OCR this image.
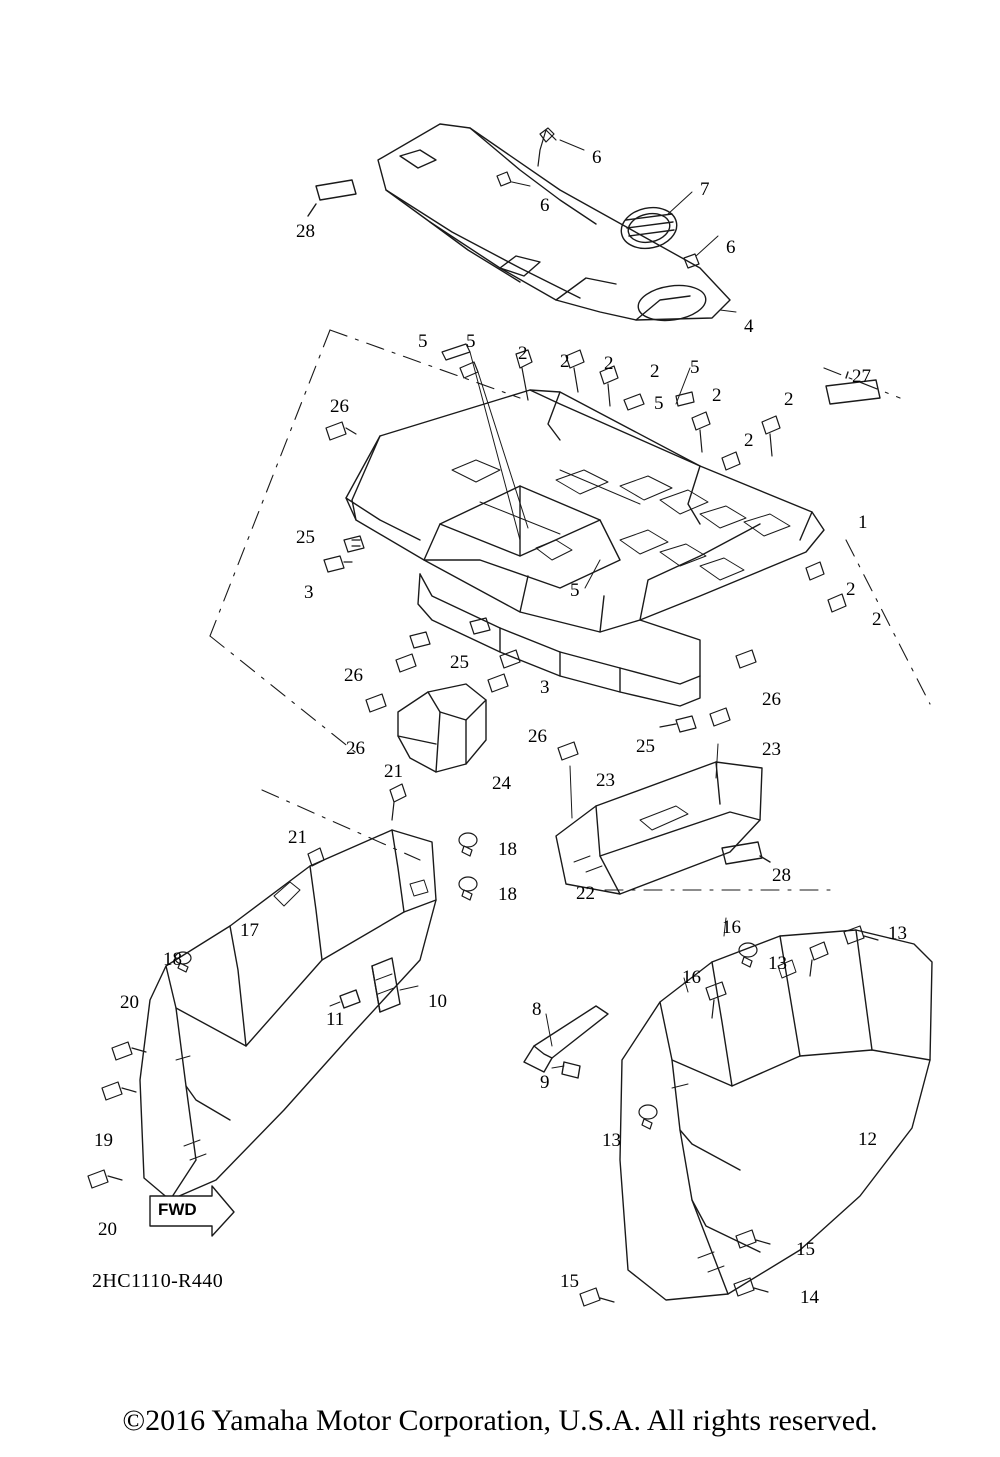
6
6
7
6
28
4
5 5
2 2 2 2 5	27
5	2	2
26
2
1
25
3	5	2
2
26
25
3
26
26
26	25	23
24
21	23
21
18
28
22
18
16	13
17
13
18
16
10	8
20
11
9
12
19	13
15
20
15
14
FWD
2HC1110-R440
©2016 Yamaha Motor Corporation, U.S.A. All rights reserved.
